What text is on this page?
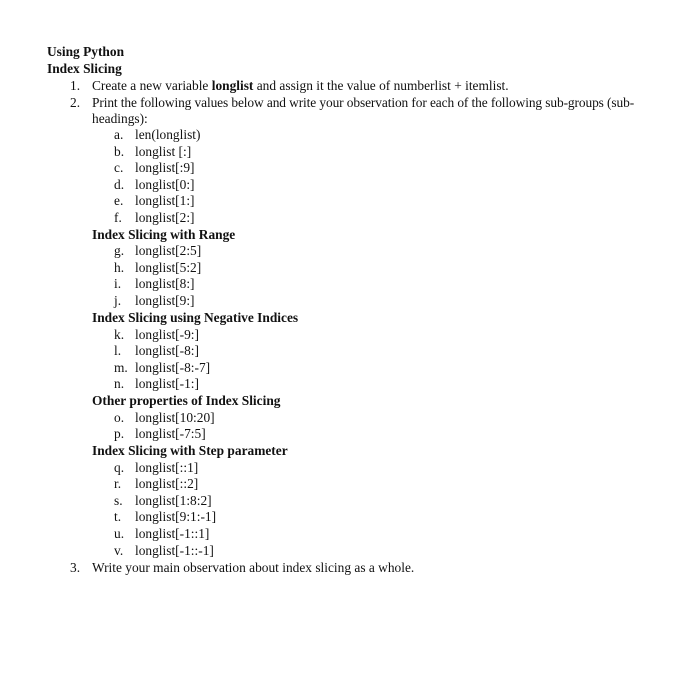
Using Python
Index Slicing
1. Create a new variable longlist and assign it the value of numberlist + itemlist.
2. Print the following values below and write your observation for each of the following sub-groups (sub-
headings):
a. len(longlist)
b. longlist [:]
c. longlist[:9]
d. longlist[0:]
e. longlist[1:]
f. longlist[2:]
Index Slicing with Range
g. longlist[2:5]
h. longlist[5:2]
i. longlist[8:]
j. longlist[9:]
Index Slicing using Negative Indices
k. longlist[-9:]
l. longlist[-8:]
m. longlist[-8:-7]
n. longlist[-1:]
Other properties of Index Slicing
o. longlist[10:20]
p. longlist[-7:5]
Index Slicing with Step parameter
q. longlist[::1]
r. longlist[::2]
s. longlist[1:8:2]
t. longlist[9:1:-1]
u. longlist[-1::1]
v. longlist[-1::-1]
3. Write your main observation about index slicing as a whole.
